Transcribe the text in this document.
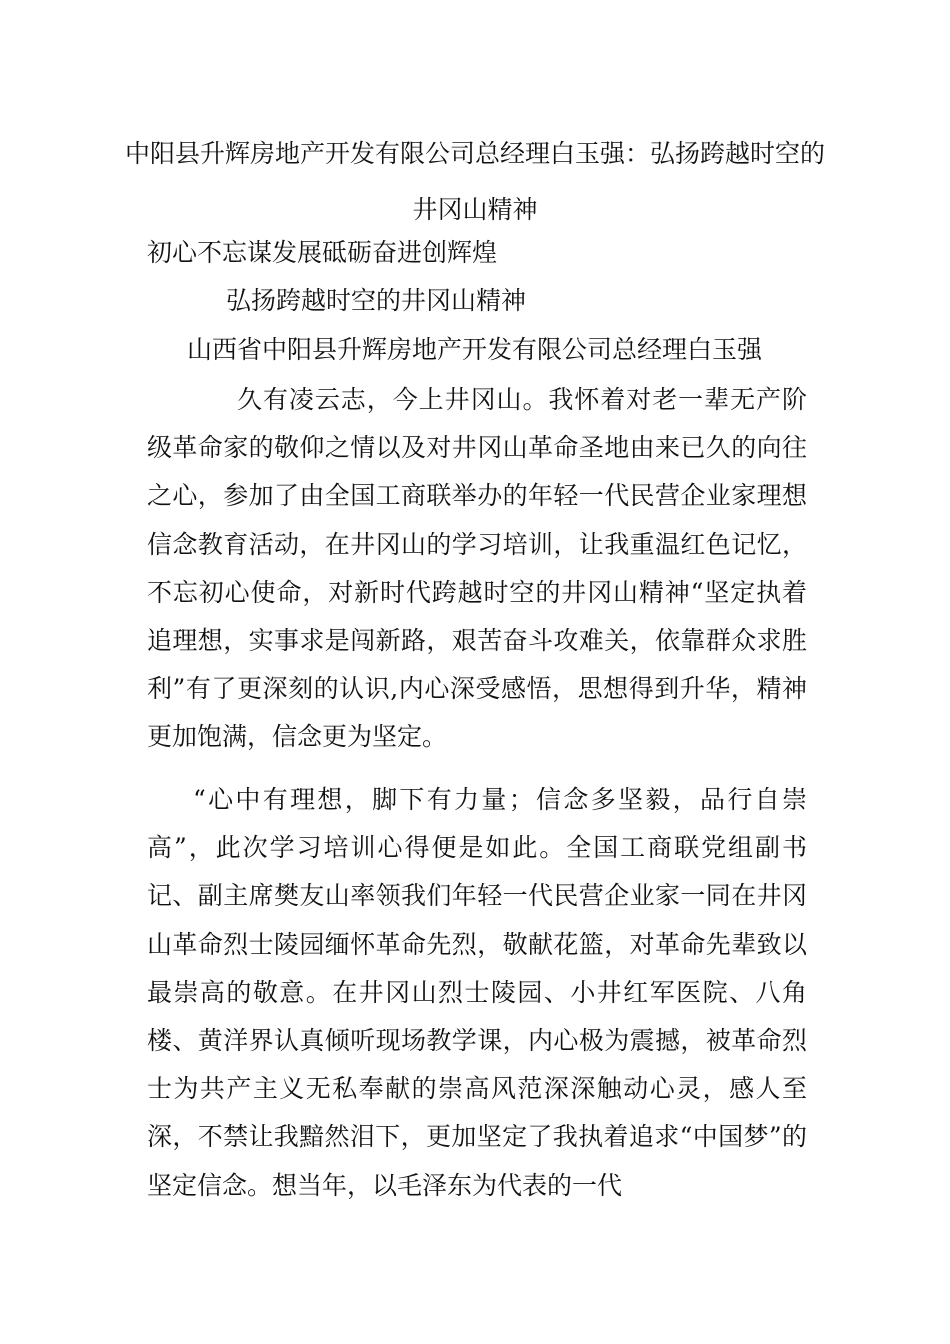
中阳县升辉房地产开发有限公司总经理白玉强：弘扬跨越时空的井冈山精神
初心不忘谋发展砥砺奋进创辉煌
弘扬跨越时空的井冈山精神
山西省中阳县升辉房地产开发有限公司总经理白玉强

久有凌云志，今上井冈山。我怀着对老一辈无产阶级革命家的敬仰之情以及对井冈山革命圣地由来已久的向往之心，参加了由全国工商联举办的年轻一代民营企业家理想信念教育活动，在井冈山的学习培训，让我重温红色记忆，不忘初心使命，对新时代跨越时空的井冈山精神“坚定执着追理想，实事求是闯新路，艰苦奋斗攻难关，依靠群众求胜利”有了更深刻的认识,内心深受感悟，思想得到升华，精神更加饱满，信念更为坚定。

“心中有理想，脚下有力量；信念多坚毅，品行自崇高”，此次学习培训心得便是如此。全国工商联党组副书记、副主席樊友山率领我们年轻一代民营企业家一同在井冈山革命烈士陵园缅怀革命先烈，敬献花篮，对革命先辈致以最崇高的敬意。在井冈山烈士陵园、小井红军医院、八角楼、黄洋界认真倾听现场教学课，内心极为震撼，被革命烈士为共产主义无私奉献的崇高风范深深触动心灵，感人至深，不禁让我黯然泪下，更加坚定了我执着追求“中国梦”的坚定信念。想当年，以毛泽东为代表的一代
